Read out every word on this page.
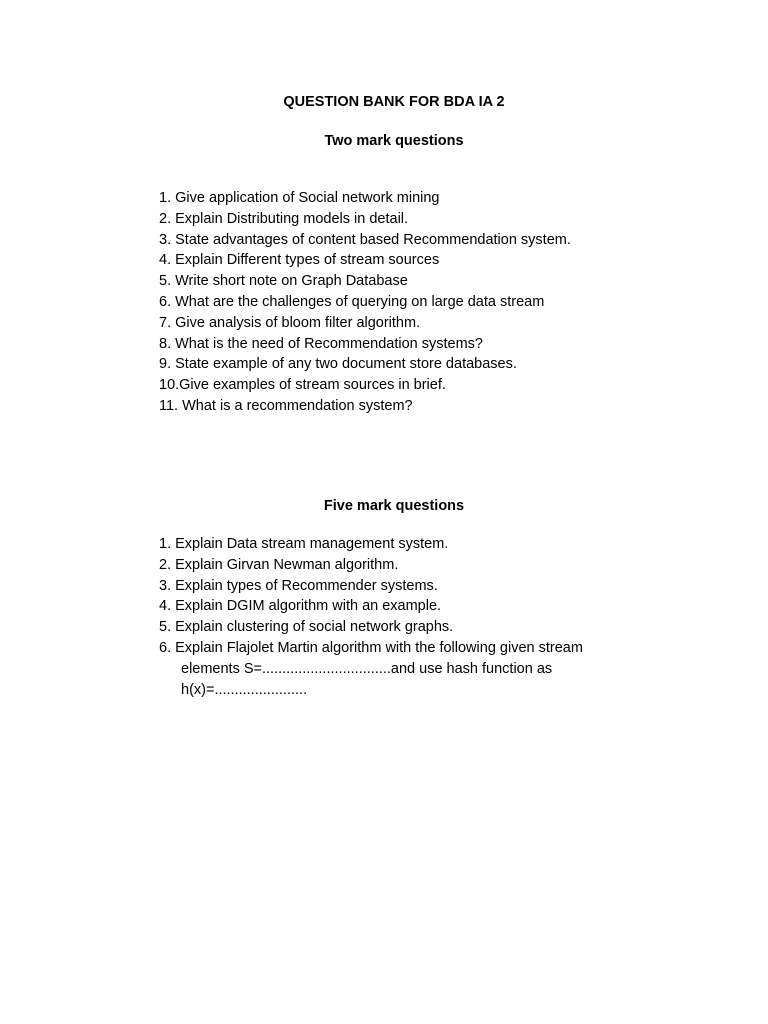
QUESTION BANK FOR BDA IA 2
Two mark questions
1. Give application of Social network mining
2. Explain Distributing models in detail.
3. State advantages of content based Recommendation system.
4. Explain Different types of stream sources
5. Write short note on Graph Database
6. What are the challenges of querying on large data stream
7. Give analysis of bloom filter algorithm.
8. What is the need of Recommendation systems?
9. State example of any two document store databases.
10.Give examples of stream sources in brief.
11. What is a recommendation system?
Five mark questions
1. Explain Data stream management system.
2. Explain Girvan Newman algorithm.
3. Explain types of Recommender systems.
4. Explain DGIM algorithm with an example.
5. Explain clustering of social network graphs.
6. Explain Flajolet Martin algorithm with the following given stream
elements S=................................and use hash function as
h(x)=.......................
